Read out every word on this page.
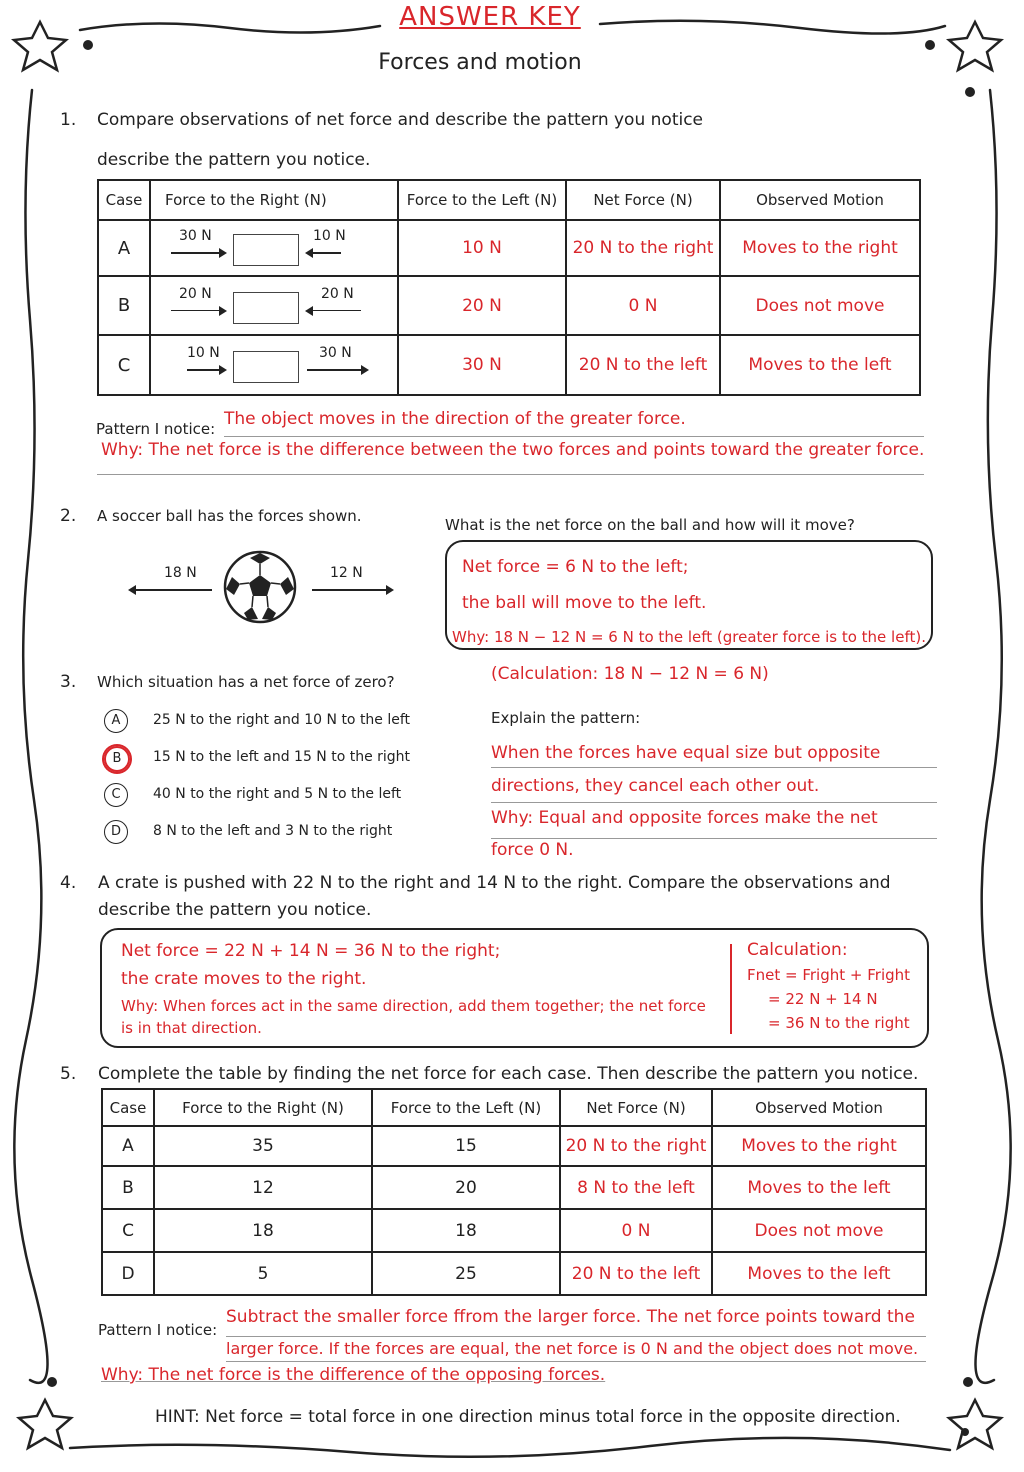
ANSWER KEY
Forces and motion
1. Compare observations of net force and describe the pattern you notice
describe the pattern you notice.
Case	Force to the Right (N)	Force to the Left (N)	Net Force (N)	Observed Motion
A	30 N 10 N	10 N	20 N to the right	Moves to the right
B	20 N 20 N	20 N	0 N	Does not move
C	10 N 30 N	30 N	20 N to the left	Moves to the left
Pattern I notice: The object moves in the direction of the greater force.
Why: The net force is the difference between the two forces and points toward the greater force.
2. A soccer ball has the forces shown.
18 N	12 N
What is the net force on the ball and how will it move?
Net force = 6 N to the left;
the ball will move to the left.
Why: 18 N − 12 N = 6 N to the left (greater force is to the left).
(Calculation: 18 N − 12 N = 6 N)
3. Which situation has a net force of zero?
A	25 N to the right and 10 N to the left
B	15 N to the left and 15 N to the right
C	40 N to the right and 5 N to the left
D	8 N to the left and 3 N to the right
Explain the pattern:
When the forces have equal size but opposite
directions, they cancel each other out.
Why: Equal and opposite forces make the net
force 0 N.
4. A crate is pushed with 22 N to the right and 14 N to the right. Compare the observations and
describe the pattern you notice.
Net force = 22 N + 14 N = 36 N to the right;
the crate moves to the right.
Why: When forces act in the same direction, add them together; the net force
is in that direction.
Calculation:
Fnet = Fright + Fright
= 22 N + 14 N
= 36 N to the right
5. Complete the table by finding the net force for each case. Then describe the pattern you notice.
Case	Force to the Right (N)	Force to the Left (N)	Net Force (N)	Observed Motion
A	35	15	20 N to the right	Moves to the right
B	12	20	8 N to the left	Moves to the left
C	18	18	0 N	Does not move
D	5	25	20 N to the left	Moves to the left
Pattern I notice:
Subtract the smaller force ffrom the larger force. The net force points toward the
larger force. If the forces are equal, the net force is 0 N and the object does not move.
Why: The net force is the difference of the opposing forces.
HINT: Net force = total force in one direction minus total force in the opposite direction.
